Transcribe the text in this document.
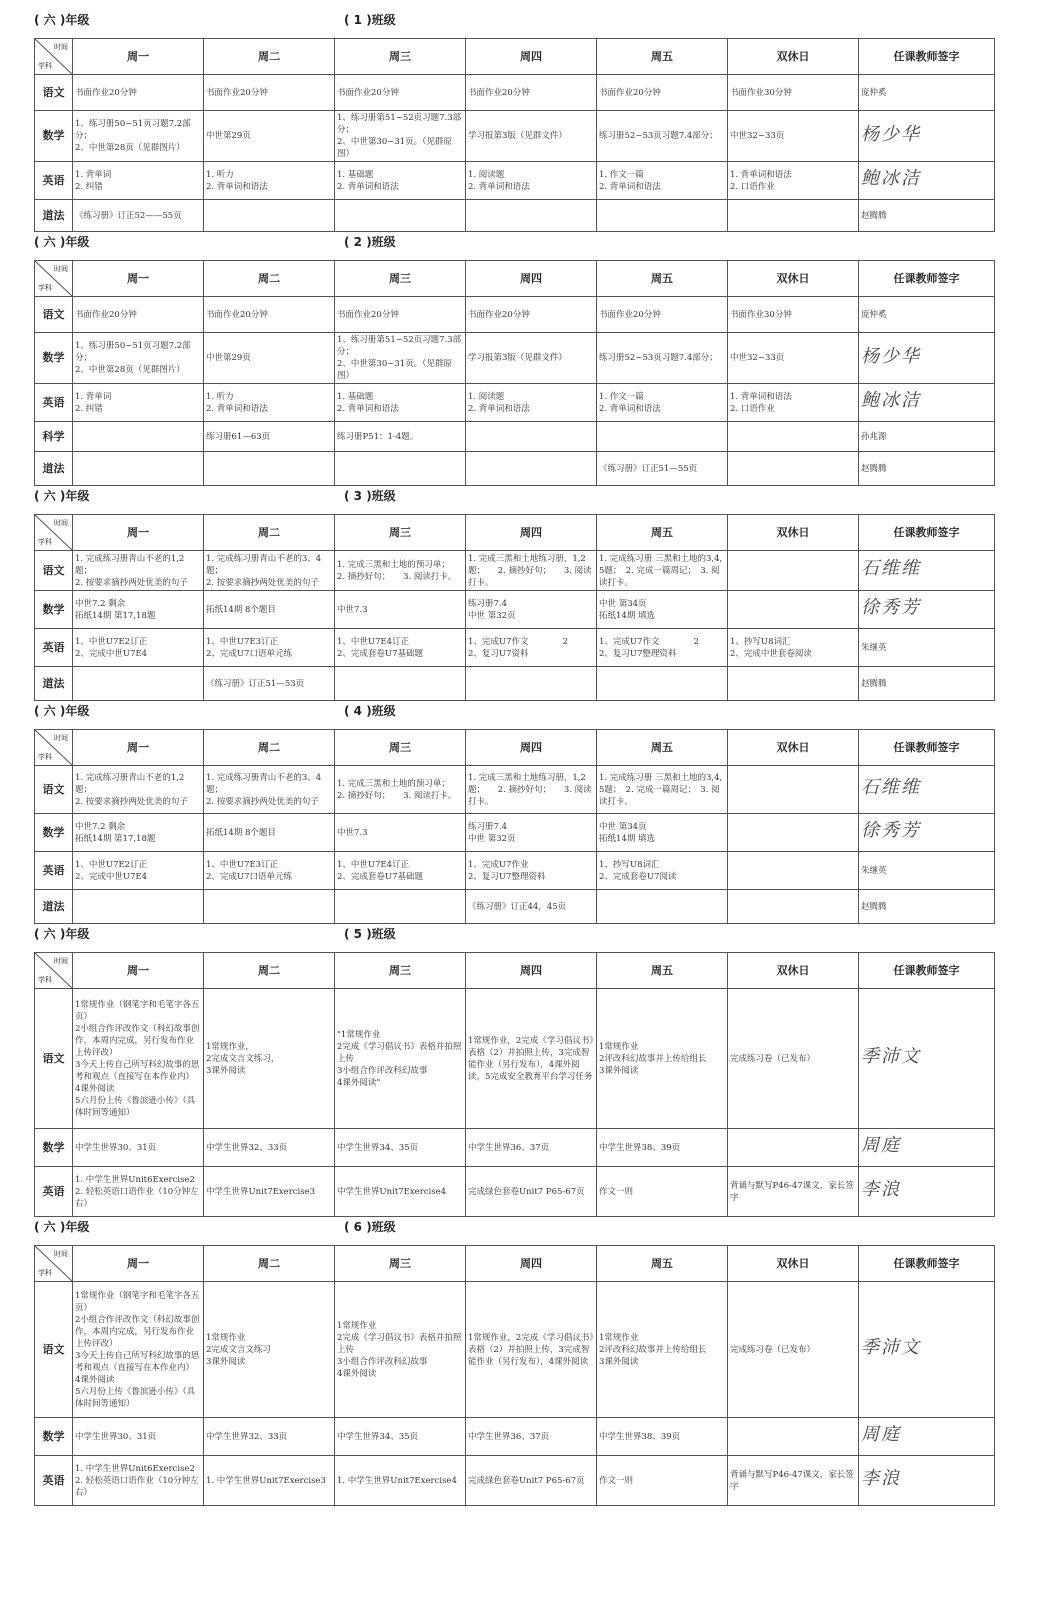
( 六 )年级	( 1 )班级
时间
学科	周一	周二	周三	周四	周五	双休日	任课教师签字
语文	书面作业20分钟	书面作业20分钟	书面作业20分钟	书面作业20分钟	书面作业20分钟	书面作业30分钟	庞仲奚
数学	1、练习册50~51页习题7.2部分；
2、中世第28页（见群图片）	中世第29页	1、练习册第51~52页习题7.3部分；
2、中世第30~31页。（见群原图）	学习报第3版（见群文件）	练习册52~53页习题7.4部分；	中世32~33页	杨少华
英语	1. 背单词
2. 纠错	1. 听力
2. 背单词和语法	1. 基础题
2. 背单词和语法	1. 阅读题
2. 背单词和语法	1. 作文一篇
2. 背单词和语法	1. 背单词和语法
2. 口语作业	鲍冰洁
道法	《练习册》订正52——55页						赵腾腾
( 六 )年级	( 2 )班级
时间
学科	周一	周二	周三	周四	周五	双休日	任课教师签字
语文	书面作业20分钟	书面作业20分钟	书面作业20分钟	书面作业20分钟	书面作业20分钟	书面作业30分钟	庞仲奚
数学	1、练习册50~51页习题7.2部分；
2、中世第28页（见群图片）	中世第29页	1、练习册第51~52页习题7.3部分；
2、中世第30~31页。（见群原图）	学习报第3版（见群文件）	练习册52~53页习题7.4部分；	中世32~33页	杨少华
英语	1. 背单词
2. 纠错	1. 听力
2. 背单词和语法	1. 基础题
2. 背单词和语法	1. 阅读题
2. 背单词和语法	1. 作文一篇
2. 背单词和语法	1. 背单词和语法
2. 口语作业	鲍冰洁
科学		练习册61—63页	练习册P51：1-4题。				孙兆源
道法					《练习册》订正51—55页		赵腾腾
( 六 )年级	( 3 )班级
时间
学科	周一	周二	周三	周四	周五	双休日	任课教师签字
语文	1. 完成练习册青山不老的1,2题；
2. 按要求摘抄两处优美的句子	1. 完成练习册青山不老的3、4题；
2. 按要求摘抄两处优美的句子	1. 完成三黑和土地的预习单；
2. 摘抄好句；　　3. 阅读打卡。	1. 完成三黑和土地练习册，1,2题；　　2. 摘抄好句；　　3. 阅读打卡。	1. 完成练习册 三黑和土地的3,4,5题；　2. 完成一篇周记；　3. 阅读打卡。		石维维
数学	中世7.2 剩余
拓纸14期 第17,18题	拓纸14期 8个题目	中世7.3	练习册7.4
中世 第32页	中世 第34页
拓纸14期 填选		徐秀芳
英语	1、中世U7E2订正
2、完成中世U7E4	1、中世U7E3订正
2、完成U7口语单元练	1、中世U7E4订正
2、完成套卷U7基础题	1、完成U7作文　　　　2
2、复习U7资料	1、完成U7作文　　　　2
2、复习U7整理资料	1、抄写U8词汇
2、完成中世套卷阅读	朱继英
道法		《练习册》订正51—53页					赵腾腾
( 六 )年级	( 4 )班级
时间
学科	周一	周二	周三	周四	周五	双休日	任课教师签字
语文	1. 完成练习册青山不老的1,2题；
2. 按要求摘抄两处优美的句子	1. 完成练习册青山不老的3、4题；
2. 按要求摘抄两处优美的句子	1. 完成三黑和土地的预习单；
2. 摘抄好句；　　3. 阅读打卡。	1. 完成三黑和土地练习册，1,2题；　　2. 摘抄好句；　　3. 阅读打卡。	1. 完成练习册 三黑和土地的3,4,5题；　2. 完成一篇周记；　3. 阅读打卡。		石维维
数学	中世7.2 剩余
拓纸14期 第17,18题	拓纸14期 8个题目	中世7.3	练习册7.4
中世 第32页	中世 第34页
拓纸14期 填选		徐秀芳
英语	1、中世U7E2订正
2、完成中世U7E4	1、中世U7E3订正
2、完成U7口语单元练	1、中世U7E4订正
2、完成套卷U7基础题	1、完成U7作业
2、复习U7整理资料	1、抄写U8词汇
2、完成套卷U7阅读		朱继英
道法				《练习册》订正44，45页			赵腾腾
( 六 )年级	( 5 )班级
时间
学科	周一	周二	周三	周四	周五	双休日	任课教师签字
语文	1常规作业（钢笔字和毛笔字各五页）
2小组合作评改作文（科幻故事创作，本周内完成，另行发布作业上传评改）
3今天上传自己所写科幻故事的思考和观点（直接写在本作业内）
4课外阅读
5六月份上传《鲁滨逊小传》（具体时间等通知）	1常规作业，
2完成文言文练习，
3课外阅读	"1常规作业
2完成《学习倡议书》表格并拍照上传
3小组合作评改科幻故事
4课外阅读"	1常规作业，2完成《学习倡议书》表格（2）并拍照上传，3完成智能作业（另行发布），4课外阅读，5完成安全教育平台学习任务	1常规作业
2评改科幻故事并上传给组长
3课外阅读	完成练习卷（已发布）	季沛文
数学	中学生世界30、31页	中学生世界32、33页	中学生世界34、35页	中学生世界36、37页	中学生世界38、39页		周庭
英语	1. 中学生世界Unit6Exercise2
2. 轻松英语口语作业（10分钟左右）	中学生世界Unit7Exercise3	中学生世界Unit7Exercise4	完成绿色套卷Unit7 P65-67页	作文一则	背诵与默写P46-47课文，家长签字	李浪
( 六 )年级	( 6 )班级
时间
学科	周一	周二	周三	周四	周五	双休日	任课教师签字
语文	1常规作业（钢笔字和毛笔字各五页）
2小组合作评改作文（科幻故事创作，本周内完成，另行发布作业上传评改）
3今天上传自己所写科幻故事的思考和观点（直接写在本作业内）
4课外阅读
5六月份上传《鲁滨逊小传》（具体时间等通知）	1常规作业
2完成文言文练习
3课外阅读	1常规作业
2完成《学习倡议书》表格并拍照上传
3小组合作评改科幻故事
4课外阅读	1常规作业，2完成《学习倡议书》表格（2）并拍照上传，3完成智能作业（另行发布），4课外阅读	1常规作业
2评改科幻故事并上传给组长
3课外阅读	完成练习卷（已发布）	季沛文
数学	中学生世界30、31页	中学生世界32、33页	中学生世界34、35页	中学生世界36、37页	中学生世界38、39页		周庭
英语	1. 中学生世界Unit6Exercise2
2. 轻松英语口语作业（10分钟左右）	1. 中学生世界Unit7Exercise3	1. 中学生世界Unit7Exercise4	完成绿色套卷Unit7 P65-67页	作文一则	背诵与默写P46-47课文，家长签字	李浪
